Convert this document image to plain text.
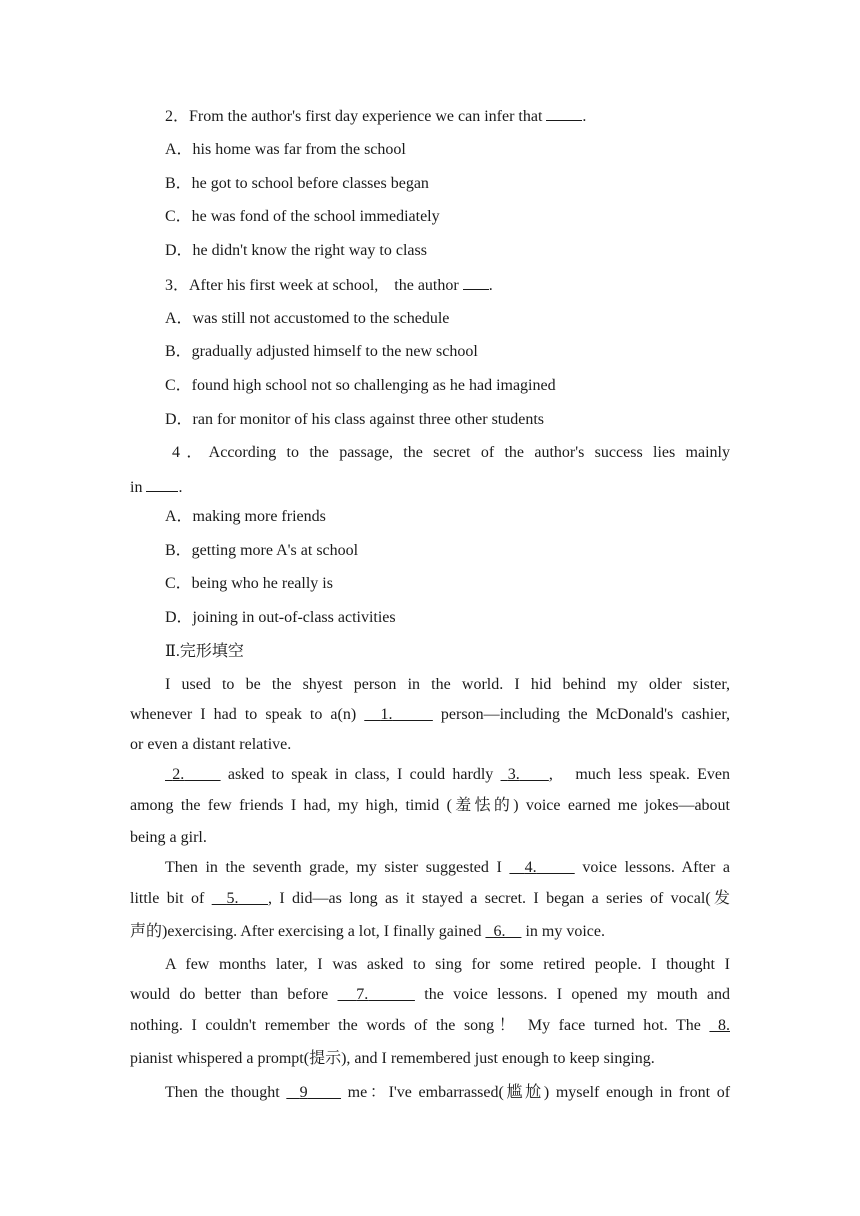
2．From the author's first day experience we can infer that .
A．his home was far from the school
B．he got to school before classes began
C．he was fond of the school immediately
D．he didn't know the right way to class
3．After his first week at school,　the author .
A．was still not accustomed to the schedule
B．gradually adjusted himself to the new school
C．found high school not so challenging as he had imagined
D．ran for monitor of his class against three other students
4．According to the passage, the secret of the author's success lies mainly
in .
A．making more friends
B．getting more A's at school
C．being who he really is
D．joining in out-of-class activities
Ⅱ.完形填空
I used to be the shyest person in the world. I hid behind my older sister,
whenever I had to speak to a(n)   1.	person—including the McDonald's cashier,
or even a distant relative.
2.      asked to speak in class, I could hardly  3. ,　much less speak. Even
among the few friends I had, my high, timid (羞怯的) voice earned me jokes—about
being a girl.
Then in the seventh grade, my sister suggested I   4.      voice lessons. After a
little bit of   5. , I did—as long as it stayed a secret. I began a series of vocal(发
声的)exercising. After exercising a lot, I finally gained   6.     in my voice.
A few months later, I was asked to sing for some retired people. I thought I
would do better than before   7.	the voice lessons. I opened my mouth and
nothing. I couldn't remember the words of the song！ My face turned hot. The  8.
pianist whispered a prompt(提示), and I remembered just enough to keep singing.
Then the thought   9      me：I've embarrassed(尴尬) myself enough in front of
